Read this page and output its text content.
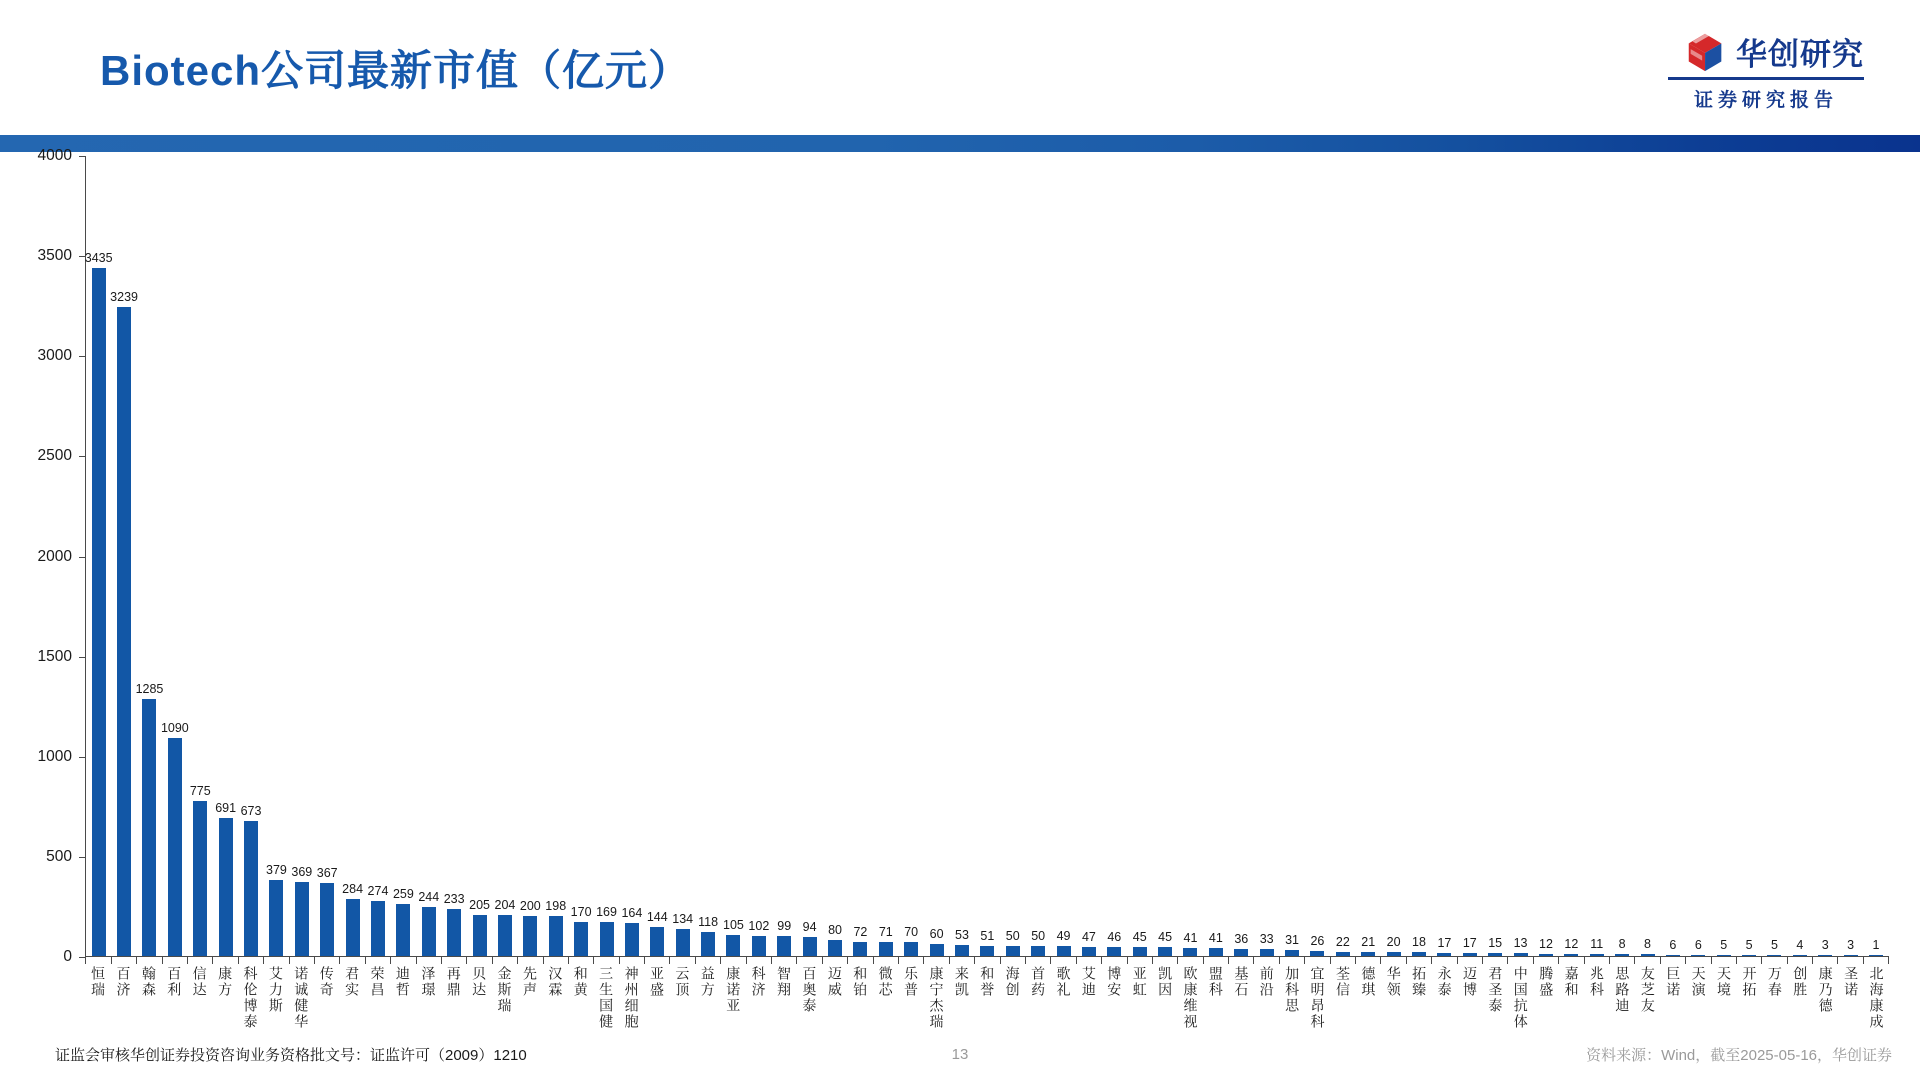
Biotech公司最新市值（亿元）	华创研究
证券研究报告
3435
3239
1285
1090
775
691 673
379 369 367
284 274 259 244 233 205 204 200 198 170 169 164 144 134 118 105 102 99 94 80 72 71 70 60 53 51 50 50 49 47 46 45 45 41 41 36 33 31 26 22 21 20 18 17 17 15 13 12 12 11 8 8 6 6 5 5 5 4 3 3 1
恒瑞 百济 翰森 百利 信达 康方 科伦博泰 艾力斯 诺诚健华 传奇 君实 荣昌 迪哲 泽璟 再鼎 贝达 金斯瑞 先声 汉霖 和黄 三生国健 神州细胞 亚盛 云顶 益方 康诺亚 科济 智翔 百奥泰 迈威 和铂 微芯 乐普 康宁杰瑞 来凯 和誉 海创 首药 歌礼 艾迪 博安 亚虹 凯因 欧康维视 盟科 基石 前沿 加科思 宜明昂科 荃信 德琪 华领 拓臻 永泰 迈博 君圣泰 中国抗体 腾盛 嘉和 兆科 思路迪 友芝友 巨诺 天演 天境 开拓 万春 创胜 康乃德 圣诺 北海康成
0
500
1000
1500
2000
2500
3000
3500
4000
证监会审核华创证券投资咨询业务资格批文号：证监许可（2009）1210	13	资料来源：Wind，截至2025-05-16，华创证券
